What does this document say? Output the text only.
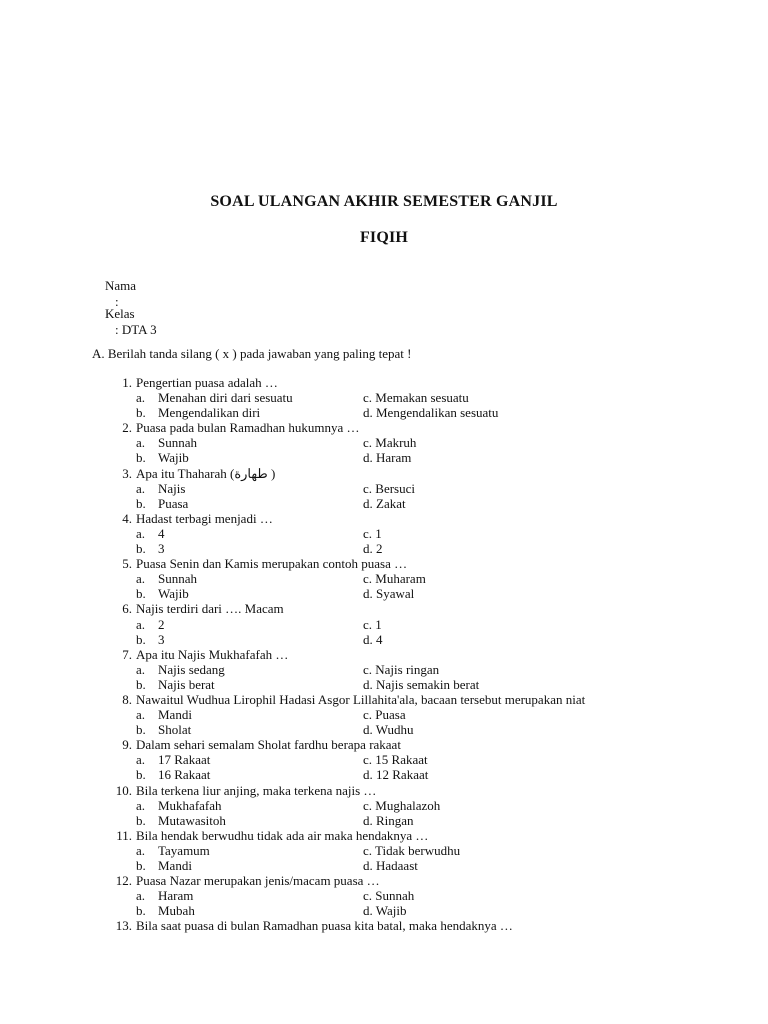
SOAL ULANGAN AKHIR SEMESTER GANJIL
FIQIH

Nama
:

Kelas
: DTA 3

A. Berilah tanda silang ( x ) pada jawaban yang paling tepat !
1. Pengertian puasa adalah …
a. Menahan diri dari sesuatu	c. Memakan sesuatu
b. Mengendalikan diri	d. Mengendalikan sesuatu
2. Puasa pada bulan Ramadhan hukumnya …
a. Sunnah	c. Makruh
b. Wajib	d. Haram
3. Apa itu Thaharah (طهارة )
a. Najis	c. Bersuci
b. Puasa	d. Zakat
4. Hadast terbagi menjadi …
a. 4	c. 1
b. 3	d. 2
5. Puasa Senin dan Kamis merupakan contoh puasa …
a. Sunnah	c. Muharam
b. Wajib	d. Syawal
6. Najis terdiri dari …. Macam
a. 2	c. 1
b. 3	d. 4
7. Apa itu Najis Mukhafafah …
a. Najis sedang	c. Najis ringan
b. Najis berat	d. Najis semakin berat
8. Nawaitul Wudhua Lirophil Hadasi Asgor Lillahita'ala, bacaan tersebut merupakan niat
a. Mandi	c. Puasa
b. Sholat	d. Wudhu
9. Dalam sehari semalam Sholat fardhu berapa rakaat
a. 17 Rakaat	c. 15 Rakaat
b. 16 Rakaat	d. 12 Rakaat
10. Bila terkena liur anjing, maka terkena najis …
a. Mukhafafah	c. Mughalazoh
b. Mutawasitoh	d. Ringan
11. Bila hendak berwudhu tidak ada air maka hendaknya …
a. Tayamum	c. Tidak berwudhu
b. Mandi	d. Hadaast
12. Puasa Nazar merupakan jenis/macam puasa …
a. Haram	c. Sunnah
b. Mubah	d. Wajib
13. Bila saat puasa di bulan Ramadhan puasa kita batal, maka hendaknya …
